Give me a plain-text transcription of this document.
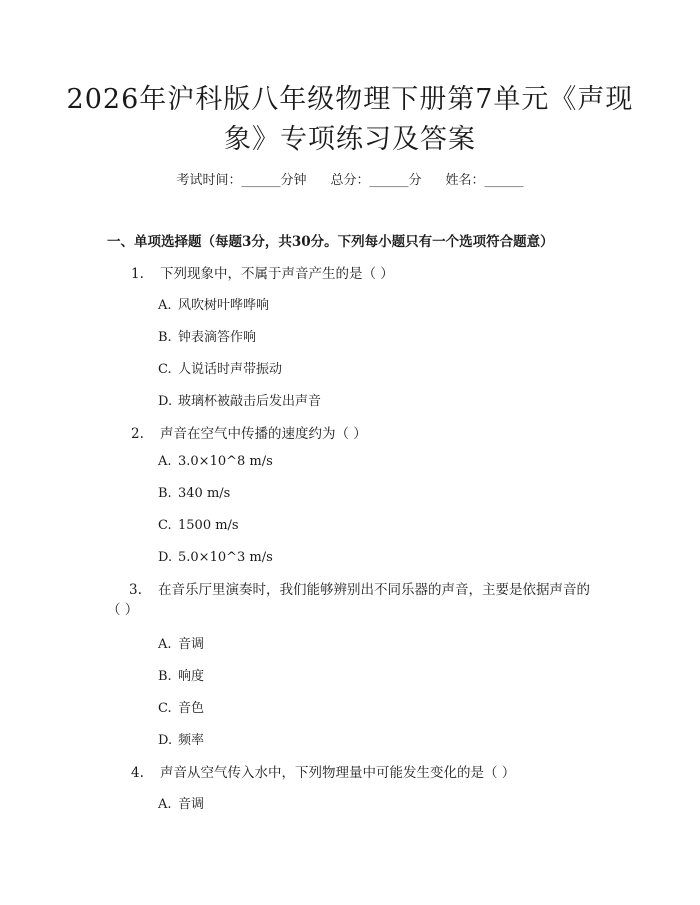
2026年沪科版八年级物理下册第7单元《声现象》专项练习及答案
考试时间：______分钟 总分：______分 姓名：______
一、单项选择题（每题3分，共30分。下列每小题只有一个选项符合题意）
1. 下列现象中，不属于声音产生的是（ ）
A. 风吹树叶哗哗响
B. 钟表滴答作响
C. 人说话时声带振动
D. 玻璃杯被敲击后发出声音
2. 声音在空气中传播的速度约为（ ）
A. 3.0×10^8 m/s
B. 340 m/s
C. 1500 m/s
D. 5.0×10^3 m/s
3. 在音乐厅里演奏时，我们能够辨别出不同乐器的声音，主要是依据声音的（ ）
A. 音调
B. 响度
C. 音色
D. 频率
4. 声音从空气传入水中，下列物理量中可能发生变化的是（ ）
A. 音调
